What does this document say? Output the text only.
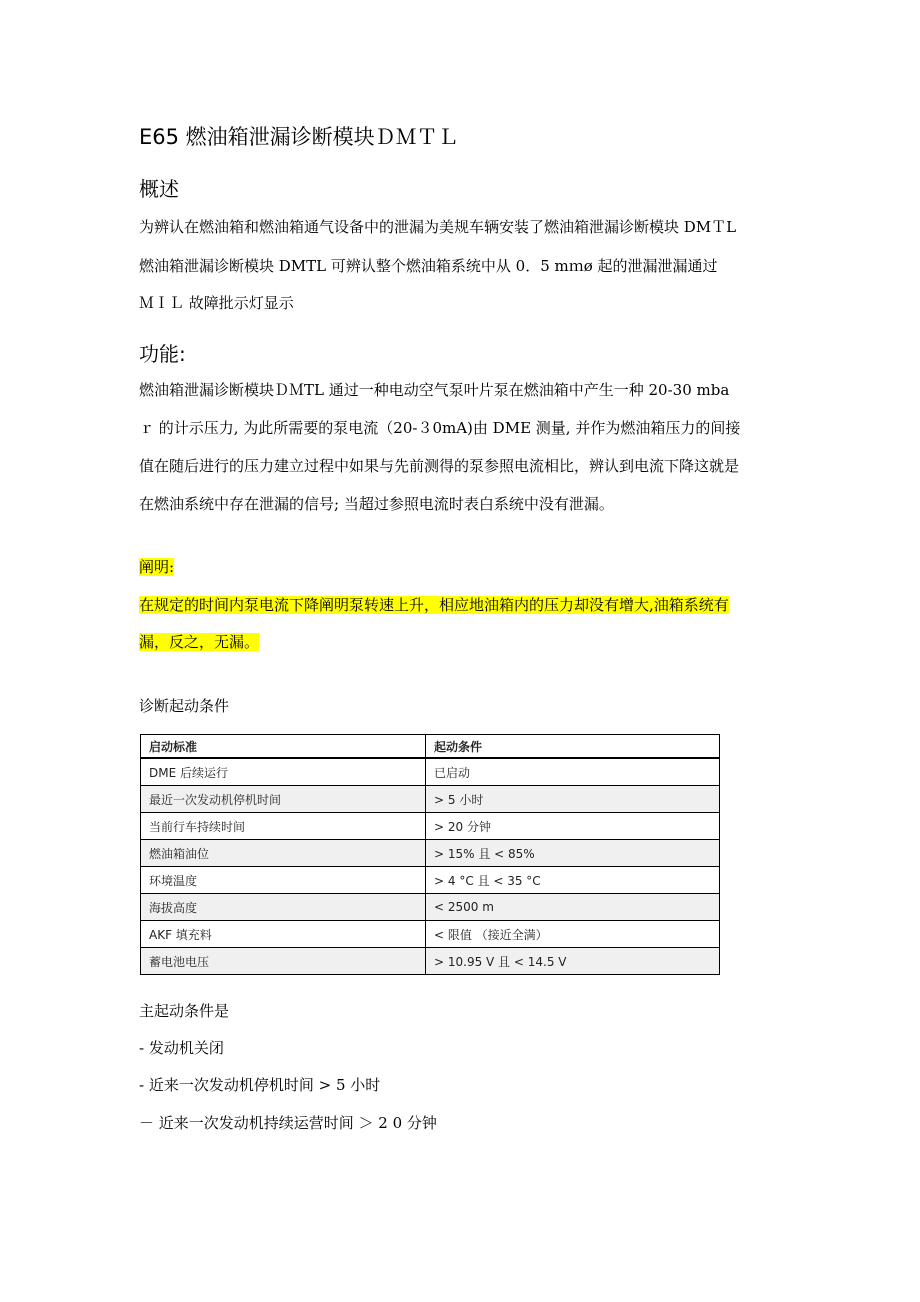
E65 燃油箱泄漏诊断模块ＤＭＴＬ
概述
为辨认在燃油箱和燃油箱通气设备中的泄漏为美规车辆安装了燃油箱泄漏诊断模块 DMＴL
燃油箱泄漏诊断模块 DMTL 可辨认整个燃油箱系统中从 0．5 mｍø 起的泄漏泄漏通过
ＭＩＬ 故障批示灯显示
功能:
燃油箱泄漏诊断模块ＤＭTL 通过一种电动空气泵叶片泵在燃油箱中产生一种 20-30 mba
ｒ 的计示压力, 为此所需要的泵电流（20-３0mA)由 DME 测量, 并作为燃油箱压力的间接
值在随后进行的压力建立过程中如果与先前测得的泵参照电流相比，辨认到电流下降这就是
在燃油系统中存在泄漏的信号; 当超过参照电流时表白系统中没有泄漏。
阐明:
在规定的时间内泵电流下降阐明泵转速上升，相应地油箱内的压力却没有增大,油箱系统有
漏，反之，无漏。
诊断起动条件
启动标准	起动条件
DME 后续运行	已启动
最近一次发动机停机时间	> 5 小时
当前行车持续时间	> 20 分钟
燃油箱油位	> 15% 且 < 85%
环境温度	> 4 °C 且 < 35 °C
海拔高度	< 2500 m
AKF 填充料	< 限值 （接近全满）
蓄电池电压	> 10.95 V 且 < 14.5 V
主起动条件是
- 发动机关闭
- 近来一次发动机停机时间 > 5 小时
－ 近来一次发动机持续运营时间 ＞ 2 0 分钟
